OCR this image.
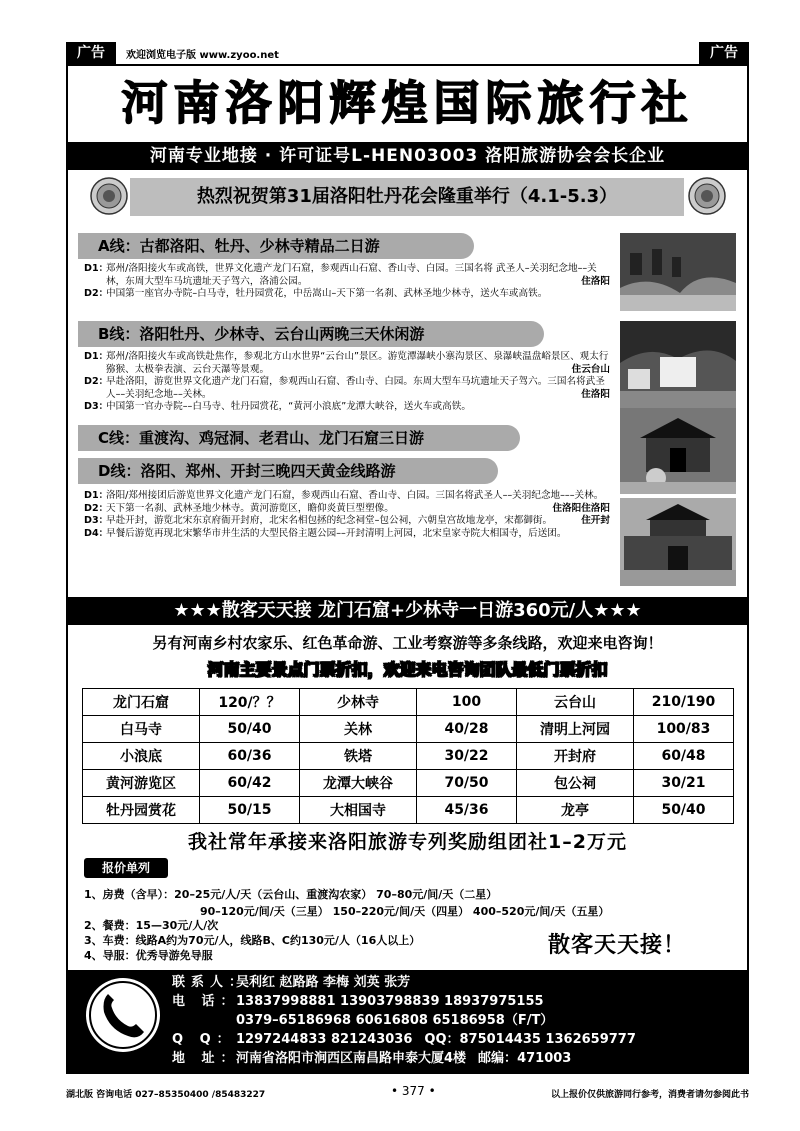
广告	欢迎浏览电子版 www.zyoo.net	广告
河南洛阳辉煌国际旅行社
河南专业地接 · 许可证号L-HEN03003 洛阳旅游协会会长企业
热烈祝贺第31届洛阳牡丹花会隆重举行（4.1-5.3）
A线：古都洛阳、牡丹、少林寺精品二日游
D1：
郑州/洛阳接火车或高铁，世界文化遗产龙门石窟，参观西山石窟、香山寺、白园。三国名将 武圣人–关羽纪念地––关林，东周大型车马坑遗址天子驾六，洛浦公园。	住洛阳
D2：
中国第一座官办寺院–白马寺，牡丹园赏花，中岳嵩山–天下第一名刹、武林圣地少林寺，送火车或高铁。
B线：洛阳牡丹、少林寺、云台山两晚三天休闲游
D1：
郑州/洛阳接火车或高铁赴焦作，参观北方山水世界“云台山”景区。游览潭瀑峡小寨沟景区、泉瀑峡温盘峪景区、观太行猕猴、太极拳表演、云台天瀑等景观。	住云台山
D2：
早赴洛阳，游览世界文化遗产龙门石窟，参观西山石窟、香山寺、白园。东周大型车马坑遗址天子驾六。三国名将武圣人––关羽纪念地––关林。	住洛阳
D3：
中国第一官办寺院––白马寺、牡丹园赏花，“黄河小浪底”龙潭大峡谷，送火车或高铁。
C线：重渡沟、鸡冠洞、老君山、龙门石窟三日游
D线：洛阳、郑州、开封三晚四天黄金线路游
D1：
洛阳/郑州接团后游览世界文化遗产龙门石窟，参观西山石窟、香山寺、白园。三国名将武圣人––关羽纪念地–––关林。
住洛阳
D2：
天下第一名刹、武林圣地少林寺。黄河游览区，瞻仰炎黄巨型塑像。	住洛阳
D3：
早赴开封，游览北宋东京府衙开封府，北宋名相包拯的纪念祠堂–包公祠，六朝皇宫故地龙亭，宋都御街。	住开封
D4：
早餐后游览再现北宋繁华市井生活的大型民俗主题公园––开封清明上河园，北宋皇家寺院大相国寺，后送团。
★★★散客天天接 龙门石窟+少林寺一日游360元/人★★★
另有河南乡村农家乐、红色革命游、工业考察游等多条线路，欢迎来电咨询！
河南主要景点门票折扣，欢迎来电咨询团队最低门票折扣
龙门石窟	120/？？	少林寺	100	云台山	210/190
白马寺	50/40	关林	40/28	清明上河园	100/83
小浪底	60/36	铁塔	30/22	开封府	60/48
黄河游览区	60/42	龙潭大峡谷	70/50	包公祠	30/21
牡丹园赏花	50/15	大相国寺	45/36	龙亭	50/40
我社常年承接来洛阳旅游专列奖励组团社1–2万元
报价单列
1、房费（含早）：20–25元/人/天（云台山、重渡沟农家） 70–80元/间/天（二星）
90–120元/间/天（三星） 150–220元/间/天（四星） 400–520元/间/天（五星）
2、餐费：15—30元/人/次
3、车费：线路A约为70元/人，线路B、C约130元/人（16人以上）
4、导服：优秀导游免导服	散客天天接！
联系人：吴利红 赵路路 李梅 刘英 张芳
电 话：13837998881 13903798839 18937975155
0379–65186968 60616808 65186958（F/T）
Q Q：1297244833 821243036 QQ：875014435 1362659777
地 址：河南省洛阳市涧西区南昌路申泰大厦4楼 邮编：471003
湖北版 咨询电话 027–85350400 /85483227	• 377 •	以上报价仅供旅游同行参考，消费者请勿参阅此书
